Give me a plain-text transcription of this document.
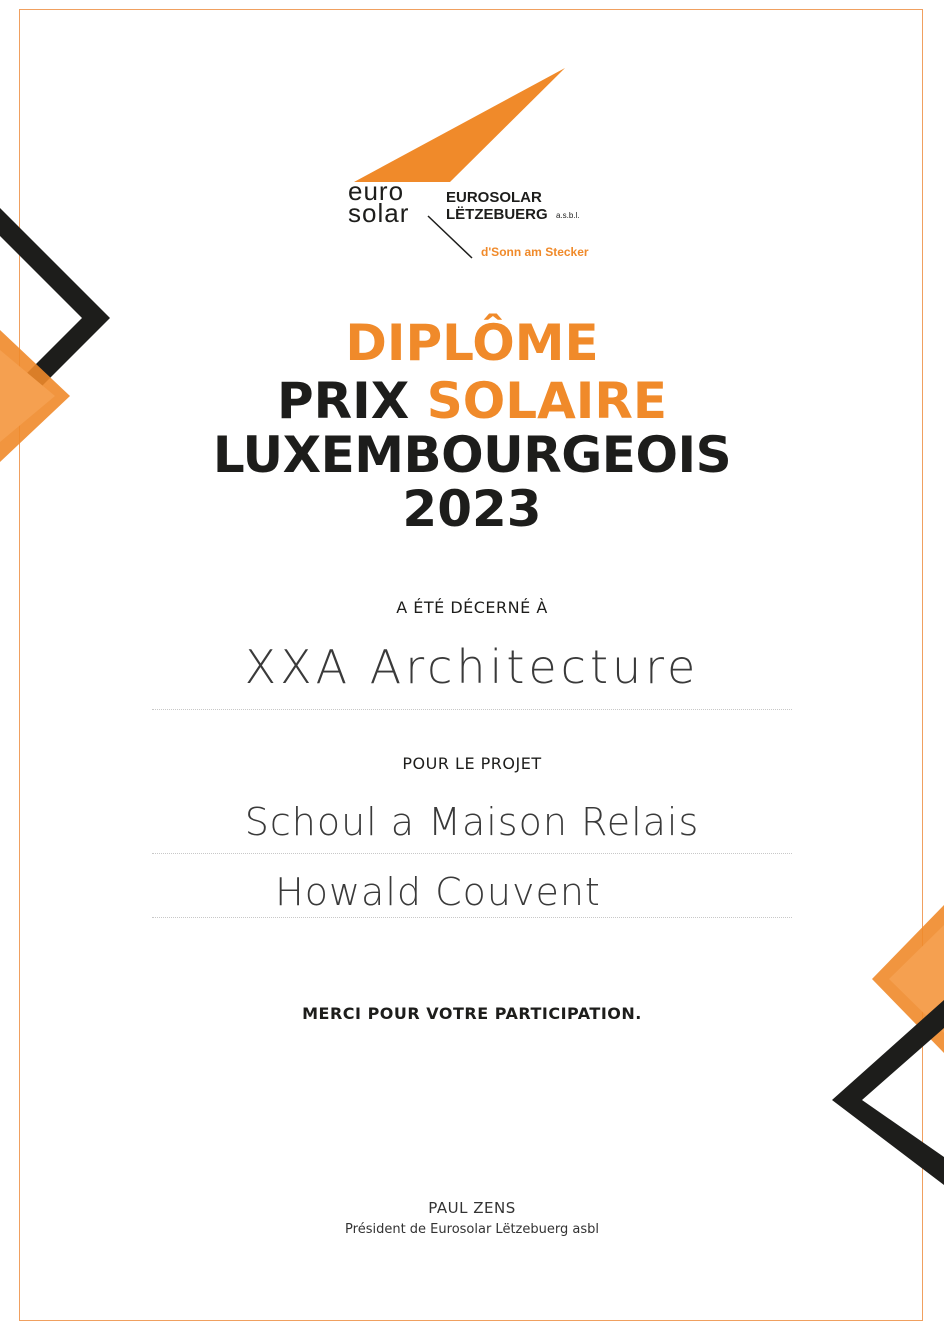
euro
solar
EUROSOLAR
LËTZEBUERG a.s.b.l.
d'Sonn am Stecker
DIPLÔME
PRIX SOLAIRE
LUXEMBOURGEOIS
2023
A ÉTÉ DÉCERNÉ À
XXA Architecture
POUR LE PROJET
Schoul a Maison Relais
Howald Couvent
MERCI POUR VOTRE PARTICIPATION.
PAUL ZENS
Président de Eurosolar Lëtzebuerg asbl
